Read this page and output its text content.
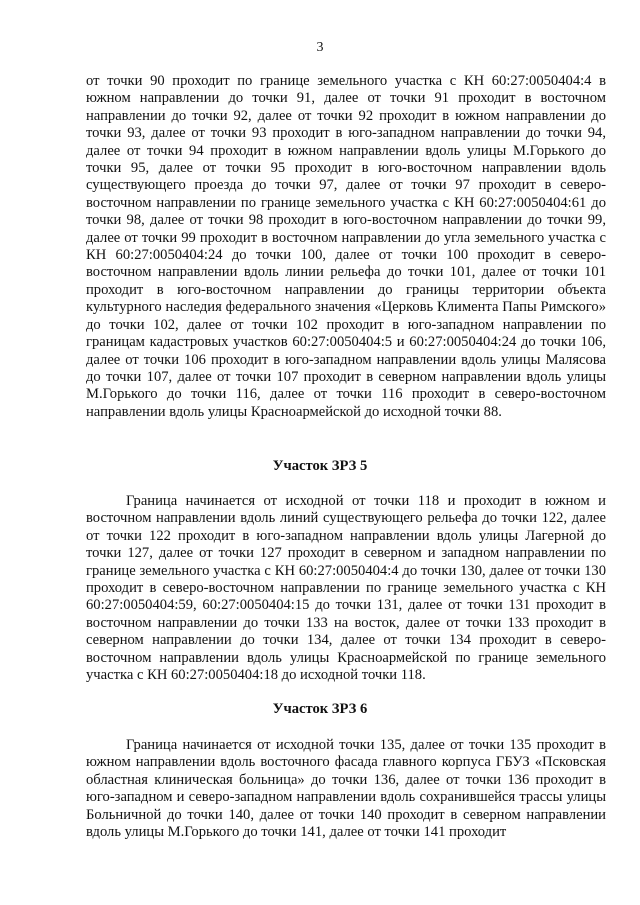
3

от точки 90 проходит по границе земельного участка с КН 60:27:0050404:4 в южном направлении до точки 91, далее от точки 91 проходит в восточном направлении до точки 92, далее от точки 92 проходит в южном направлении до точки 93, далее от точки 93 проходит в юго-западном направлении до точки 94, далее от точки 94 проходит в южном направлении вдоль улицы М.Горького до точки 95, далее от точки 95 проходит в юго-восточном направлении вдоль существующего проезда до точки 97, далее от точки 97 проходит в северо-восточном направлении по границе земельного участка с КН 60:27:0050404:61 до точки 98, далее от точки 98 проходит в юго-восточном направлении до точки 99, далее от точки 99 проходит в восточном направлении до угла земельного участка с КН 60:27:0050404:24 до точки 100, далее от точки 100 проходит в северо-восточном направлении вдоль линии рельефа до точки 101, далее от точки 101 проходит в юго-восточном направлении до границы территории объекта культурного наследия федерального значения «Церковь Климента Папы Римского» до точки 102, далее от точки 102 проходит в юго-западном направлении по границам кадастровых участков 60:27:0050404:5 и 60:27:0050404:24 до точки 106, далее от точки 106 проходит в юго-западном направлении вдоль улицы Малясова до точки 107, далее от точки 107 проходит в северном направлении вдоль улицы М.Горького до точки 116, далее от точки 116 проходит в северо-восточном направлении вдоль улицы Красноармейской до исходной точки 88.

Участок ЗРЗ 5

Граница начинается от исходной от точки 118 и проходит в южном и восточном направлении вдоль линий существующего рельефа до точки 122, далее от точки 122 проходит в юго-западном направлении вдоль улицы Лагерной до точки 127, далее от точки 127 проходит в северном и западном направлении по границе земельного участка с КН 60:27:0050404:4 до точки 130, далее от точки 130 проходит в северо-восточном направлении по границе земельного участка с КН 60:27:0050404:59, 60:27:0050404:15 до точки 131, далее от точки 131 проходит в восточном направлении до точки 133 на восток, далее от точки 133 проходит в северном направлении до точки 134, далее от точки 134 проходит в северо-восточном направлении вдоль улицы Красноармейской по границе земельного участка с КН 60:27:0050404:18 до исходной точки 118.

Участок ЗРЗ 6

Граница начинается от исходной точки 135, далее от точки 135 проходит в южном направлении вдоль восточного фасада главного корпуса ГБУЗ «Псковская областная клиническая больница» до точки 136, далее от точки 136 проходит в юго-западном и северо-западном направлении вдоль сохранившейся трассы улицы Больничной до точки 140, далее от точки 140 проходит в северном направлении вдоль улицы М.Горького до точки 141, далее от точки 141 проходит
